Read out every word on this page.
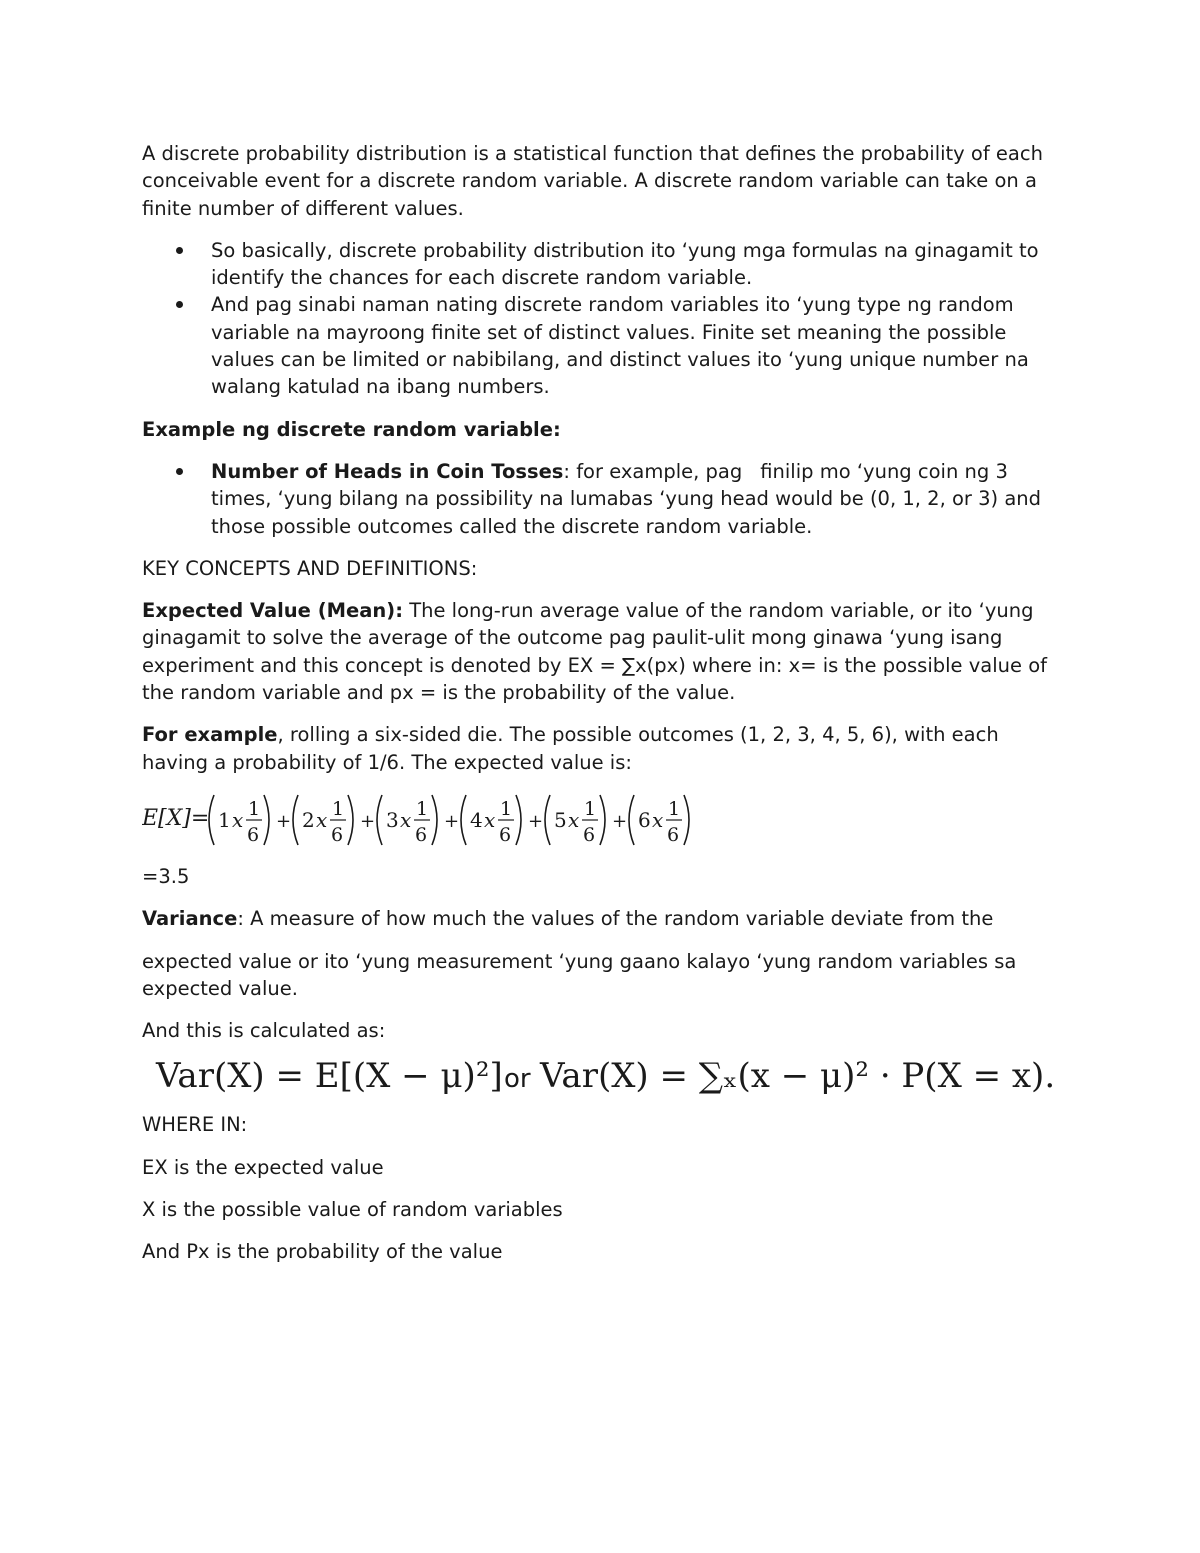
A discrete probability distribution is a statistical function that defines the probability of each conceivable event for a discrete random variable. A discrete random variable can take on a finite number of different values.

So basically, discrete probability distribution ito ‘yung mga formulas na ginagamit to identify the chances for each discrete random variable.
And pag sinabi naman nating discrete random variables ito ‘yung type ng random variable na mayroong finite set of distinct values. Finite set meaning the possible values can be limited or nabibilang, and distinct values ito ‘yung unique number na walang katulad na ibang numbers.

Example ng discrete random variable:

Number of Heads in Coin Tosses: for example, pag finilip mo ‘yung coin ng 3 times, ‘yung bilang na possibility na lumabas ‘yung head would be (0, 1, 2, or 3) and those possible outcomes called the discrete random variable.

KEY CONCEPTS AND DEFINITIONS:

Expected Value (Mean): The long-run average value of the random variable, or ito ‘yung ginagamit to solve the average of the outcome pag paulit-ulit mong ginawa ‘yung isang experiment and this concept is denoted by EX = ∑x(px) where in: x= is the possible value of the random variable and px = is the probability of the value.

For example, rolling a six-sided die. The possible outcomes (1, 2, 3, 4, 5, 6), with each having a probability of 1/6. The expected value is:

E[X]= 1 x 1
6
+ 2 x 1
6
+ 3 x 1
6
+ 4 x 1
6
+ 5 x 1
6
+ 6 x 1
6

=3.5

Variance: A measure of how much the values of the random variable deviate from the

expected value or ito ‘yung measurement ‘yung gaano kalayo ‘yung random variables sa expected value.

And this is calculated as:

Var(X) = E[(X − μ)²] or Var(X) = ∑ₓ(x − μ)² · P(X = x).

WHERE IN:

EX is the expected value

X is the possible value of random variables

And Px is the probability of the value
